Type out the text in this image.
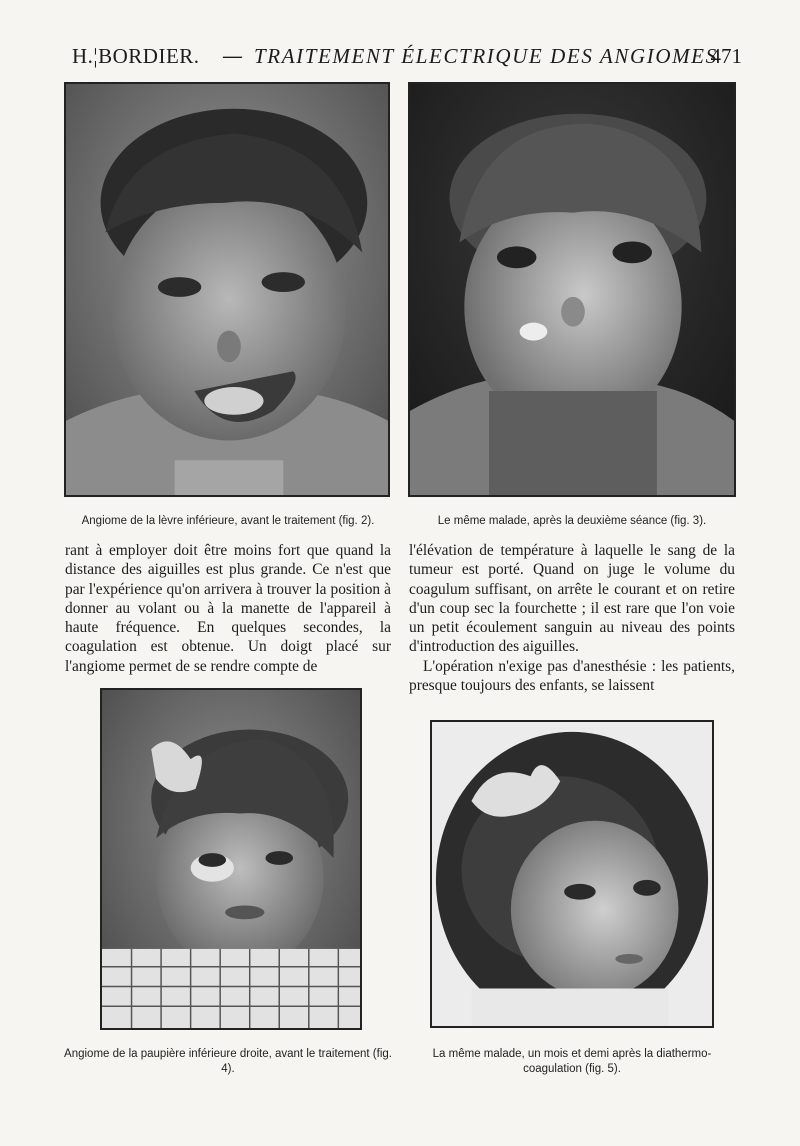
H.¦BORDIER. — TRAITEMENT ÉLECTRIQUE DES ANGIOMES
471
Angiome de la lèvre inférieure, avant le traitement (fig. 2).	Le même malade, après la deuxième séance (fig. 3).
Angiome de la paupière inférieure droite, avant le traitement (fig. 4).
La même malade, un mois et demi après la diathermo-coagulation (fig. 5).

rant à employer doit être moins fort que quand la distance des aiguilles est plus grande. Ce n'est que par l'expérience qu'on arrivera à trouver la position à donner au volant ou à la manette de l'appareil à haute fréquence. En quelques secondes, la coagulation est obtenue. Un doigt placé sur l'angiome permet de se rendre compte de

l'élévation de température à laquelle le sang de la tumeur est porté. Quand on juge le volume du coagulum suffisant, on arrête le courant et on retire d'un coup sec la fourchette ; il est rare que l'on voie un petit écoulement sanguin au niveau des points d'introduction des aiguilles.

L'opération n'exige pas d'anesthésie : les patients, presque toujours des enfants, se laissent
